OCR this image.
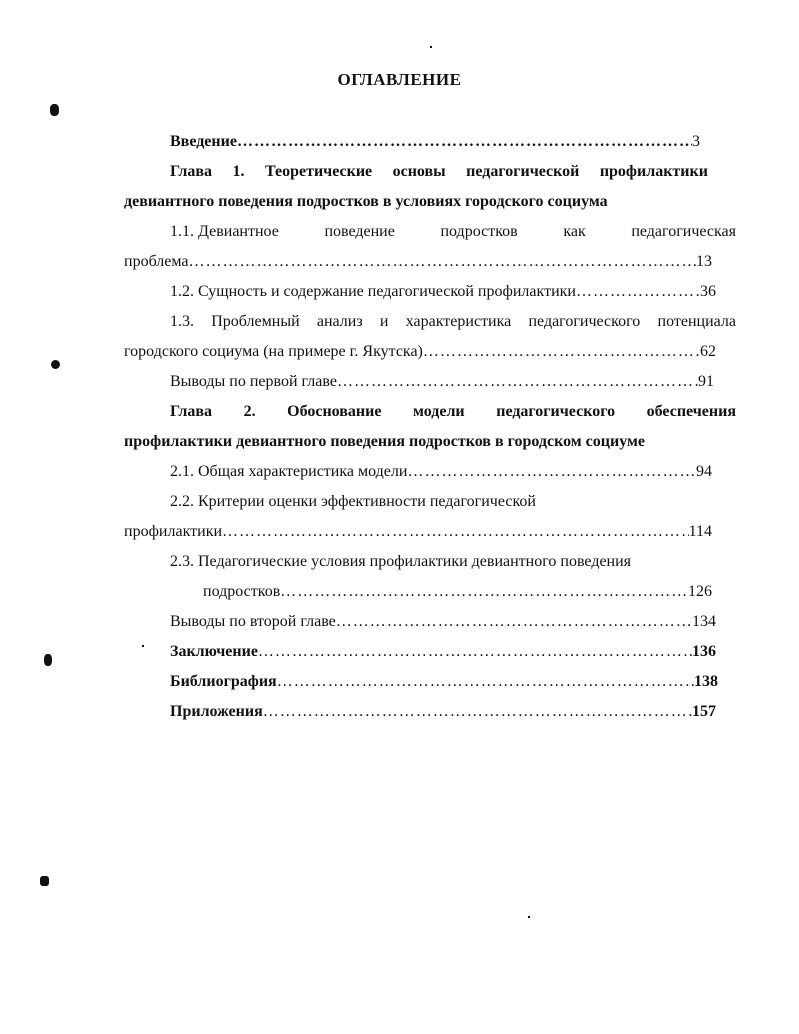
ОГЛАВЛЕНИЕ
Введение …………………………………………………………………………………………………………………………………………………………………………	3
Глава 1. Теоретические основы педагогической профилактики
девиантного поведения подростков в условиях городского социума
1.1. Девиантное	поведение	подростков	как	педагогическая
проблема …………………………………………………………………………………………………………………………………………………………………………	13
1.2. Сущность и содержание педагогической профилактики …………………………………………………………………………………………………………………………………………………………………………	36
1.3. Проблемный анализ и характеристика педагогического потенциала
городского социума (на примере г. Якутска) …………………………………………………………………………………………………………………………………………………………………………	62
Выводы по первой главе …………………………………………………………………………………………………………………………………………………………………………	91
Глава 2. Обоснование модели педагогического обеспечения
профилактики девиантного поведения подростков в городском социуме
2.1. Общая характеристика модели …………………………………………………………………………………………………………………………………………………………………………	94
2.2. Критерии оценки эффективности педагогической
профилактики …………………………………………………………………………………………………………………………………………………………………………	114
2.3. Педагогические условия профилактики девиантного поведения
подростков …………………………………………………………………………………………………………………………………………………………………………	126
Выводы по второй главе …………………………………………………………………………………………………………………………………………………………………………	134
Заключение …………………………………………………………………………………………………………………………………………………………………………	136
Библиография …………………………………………………………………………………………………………………………………………………………………………	138
Приложения …………………………………………………………………………………………………………………………………………………………………………	157
